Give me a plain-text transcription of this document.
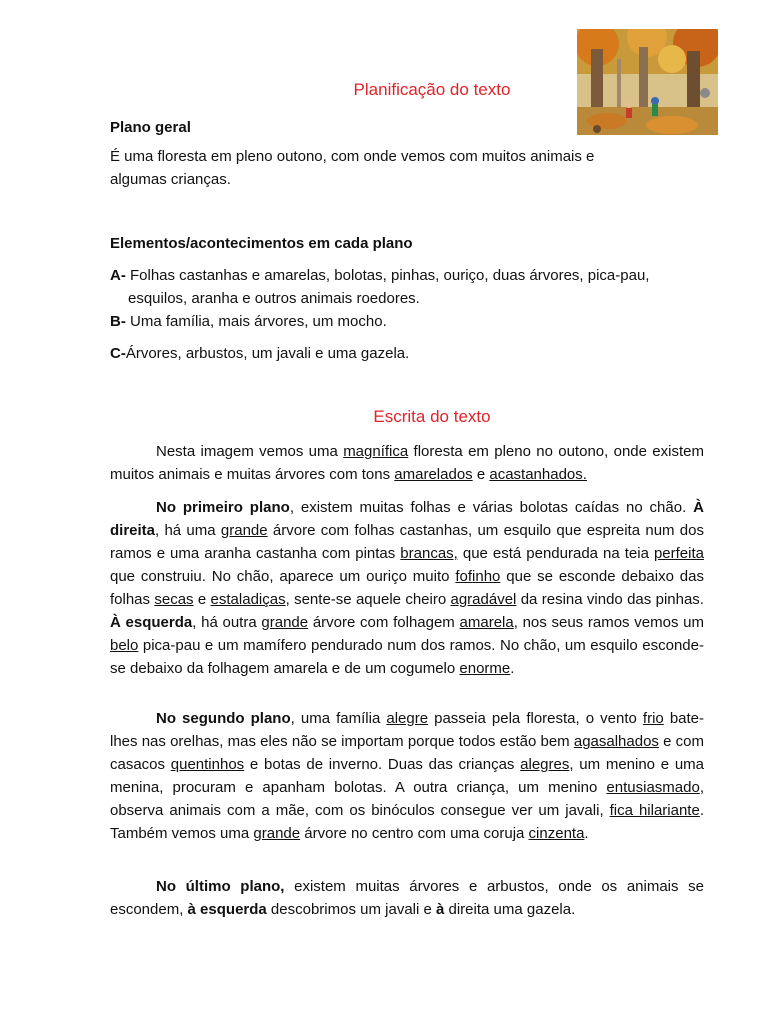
Planificação do texto

Plano geral

É uma floresta em pleno outono, com onde vemos com muitos animais e
algumas crianças.

Elementos/acontecimentos em cada plano

A- Folhas castanhas e amarelas, bolotas, pinhas, ouriço, duas árvores, pica-pau,
esquilos, aranha e outros animais roedores.
B- Uma família, mais árvores, um mocho.
C-Árvores, arbustos, um javali e uma gazela.
Escrita do texto

Nesta imagem vemos uma magnífica floresta em pleno no outono, onde existem muitos animais e muitas árvores com tons amarelados e acastanhados.

No primeiro plano, existem muitas folhas e várias bolotas caídas no chão. À direita, há uma grande árvore com folhas castanhas, um esquilo que espreita num dos ramos e uma aranha castanha com pintas brancas, que está pendurada na teia perfeita que construiu. No chão, aparece um ouriço muito fofinho que se esconde debaixo das folhas secas e estaladiças, sente-se aquele cheiro agradável da resina vindo das pinhas. À esquerda, há outra grande árvore com folhagem amarela, nos seus ramos vemos um belo pica-pau e um mamífero pendurado num dos ramos. No chão, um esquilo esconde-se debaixo da folhagem amarela e de um cogumelo enorme.

No segundo plano, uma família alegre passeia pela floresta, o vento frio bate-lhes nas orelhas, mas eles não se importam porque todos estão bem agasalhados e com casacos quentinhos e botas de inverno. Duas das crianças alegres, um menino e uma menina, procuram e apanham bolotas. A outra criança, um menino entusiasmado, observa animais com a mãe, com os binóculos consegue ver um javali, fica hilariante. Também vemos uma grande árvore no centro com uma coruja cinzenta.

No último plano, existem muitas árvores e arbustos, onde os animais se escondem, à esquerda descobrimos um javali e à direita uma gazela.
